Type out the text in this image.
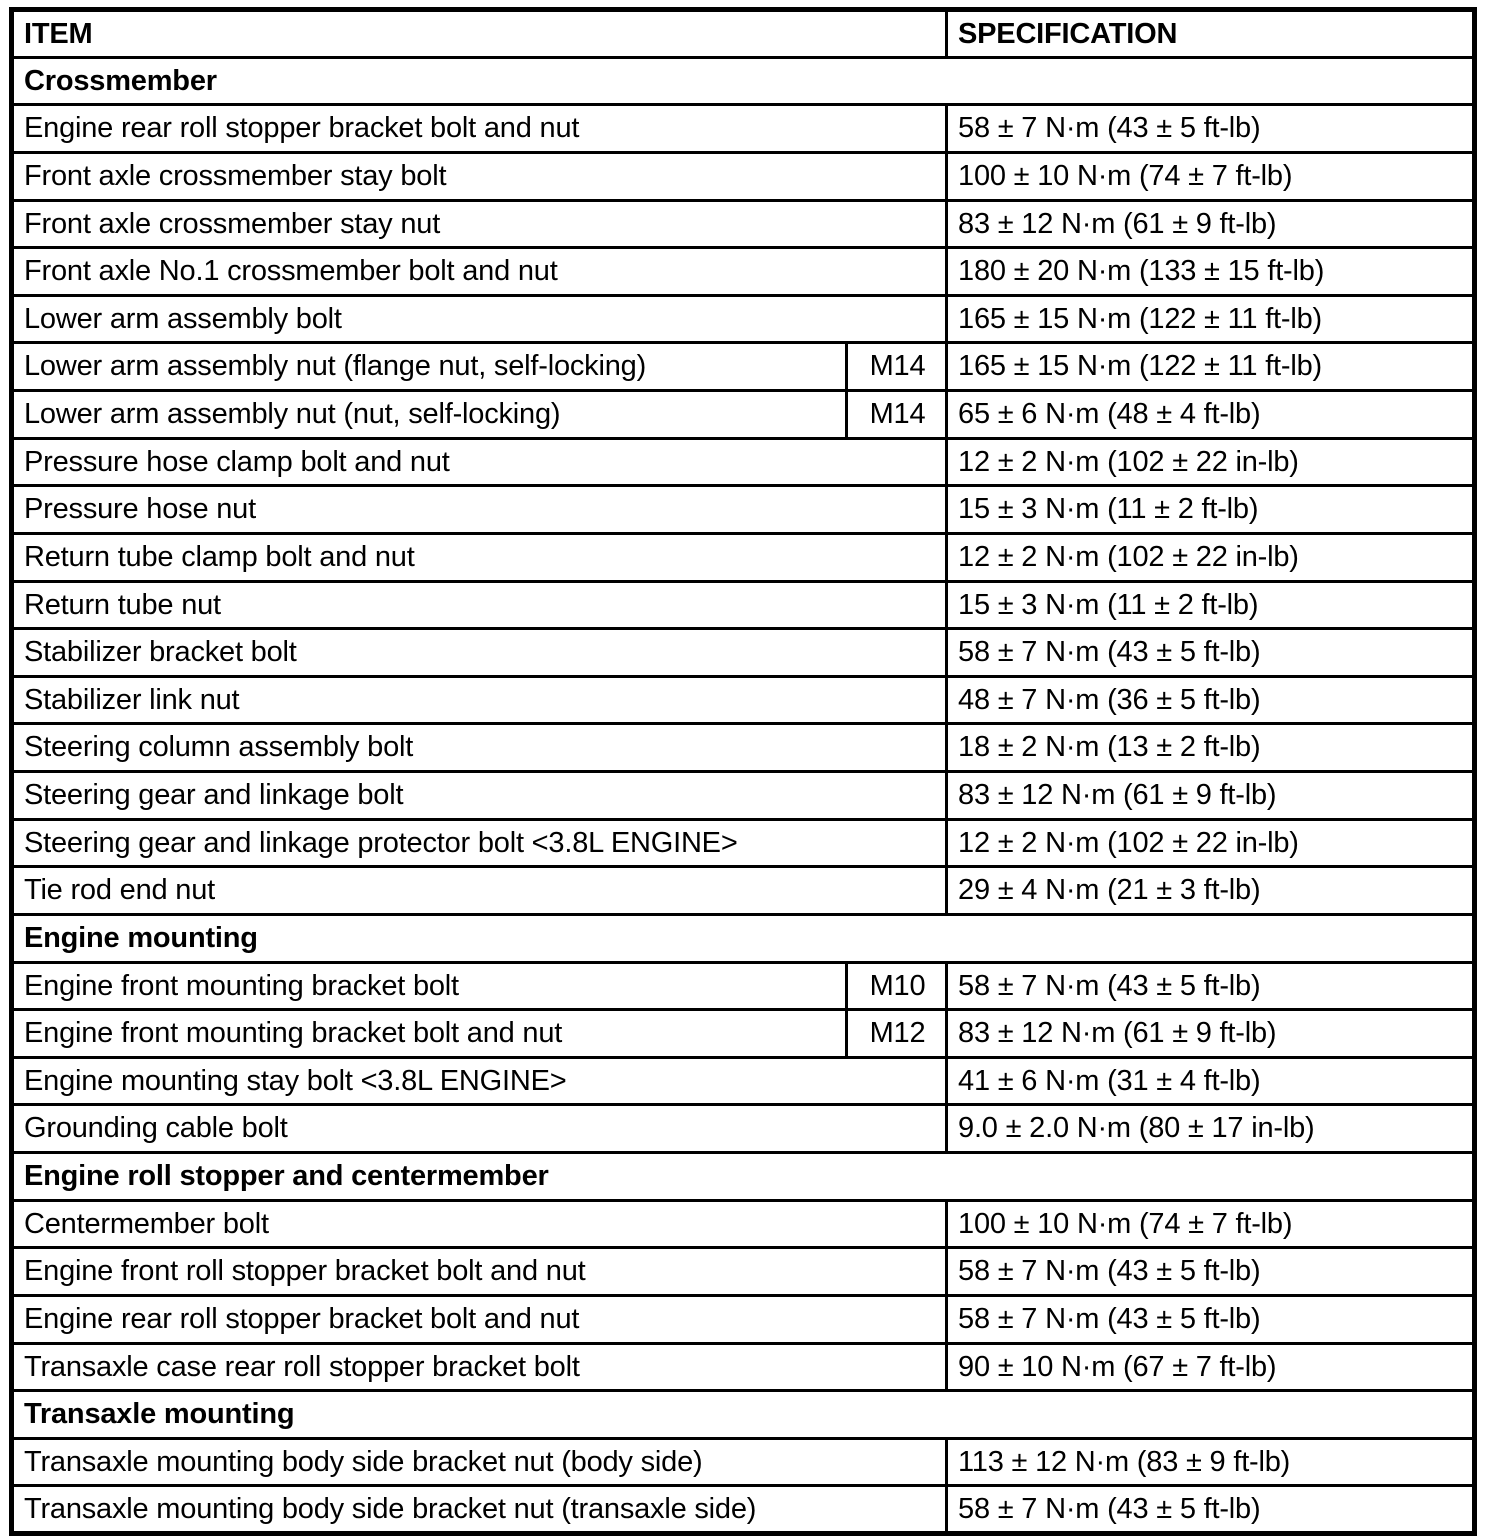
ITEM		SPECIFICATION
Crossmember		
Engine rear roll stopper bracket bolt and nut		58 ± 7 N·m (43 ± 5 ft-lb)
Front axle crossmember stay bolt		100 ± 10 N·m (74 ± 7 ft-lb)
Front axle crossmember stay nut		83 ± 12 N·m (61 ± 9 ft-lb)
Front axle No.1 crossmember bolt and nut		180 ± 20 N·m (133 ± 15 ft-lb)
Lower arm assembly bolt		165 ± 15 N·m (122 ± 11 ft-lb)
Lower arm assembly nut (flange nut, self-locking)	M14	165 ± 15 N·m (122 ± 11 ft-lb)
Lower arm assembly nut (nut, self-locking)	M14	65 ± 6 N·m (48 ± 4 ft-lb)
Pressure hose clamp bolt and nut		12 ± 2 N·m (102 ± 22 in-lb)
Pressure hose nut		15 ± 3 N·m (11 ± 2 ft-lb)
Return tube clamp bolt and nut		12 ± 2 N·m (102 ± 22 in-lb)
Return tube nut		15 ± 3 N·m (11 ± 2 ft-lb)
Stabilizer bracket bolt		58 ± 7 N·m (43 ± 5 ft-lb)
Stabilizer link nut		48 ± 7 N·m (36 ± 5 ft-lb)
Steering column assembly bolt		18 ± 2 N·m (13 ± 2 ft-lb)
Steering gear and linkage bolt		83 ± 12 N·m (61 ± 9 ft-lb)
Steering gear and linkage protector bolt <3.8L ENGINE>		12 ± 2 N·m (102 ± 22 in-lb)
Tie rod end nut		29 ± 4 N·m (21 ± 3 ft-lb)
Engine mounting		
Engine front mounting bracket bolt	M10	58 ± 7 N·m (43 ± 5 ft-lb)
Engine front mounting bracket bolt and nut	M12	83 ± 12 N·m (61 ± 9 ft-lb)
Engine mounting stay bolt <3.8L ENGINE>		41 ± 6 N·m (31 ± 4 ft-lb)
Grounding cable bolt		9.0 ± 2.0 N·m (80 ± 17 in-lb)
Engine roll stopper and centermember		
Centermember bolt		100 ± 10 N·m (74 ± 7 ft-lb)
Engine front roll stopper bracket bolt and nut		58 ± 7 N·m (43 ± 5 ft-lb)
Engine rear roll stopper bracket bolt and nut		58 ± 7 N·m (43 ± 5 ft-lb)
Transaxle case rear roll stopper bracket bolt		90 ± 10 N·m (67 ± 7 ft-lb)
Transaxle mounting		
Transaxle mounting body side bracket nut (body side)		113 ± 12 N·m (83 ± 9 ft-lb)
Transaxle mounting body side bracket nut (transaxle side)		58 ± 7 N·m (43 ± 5 ft-lb)
